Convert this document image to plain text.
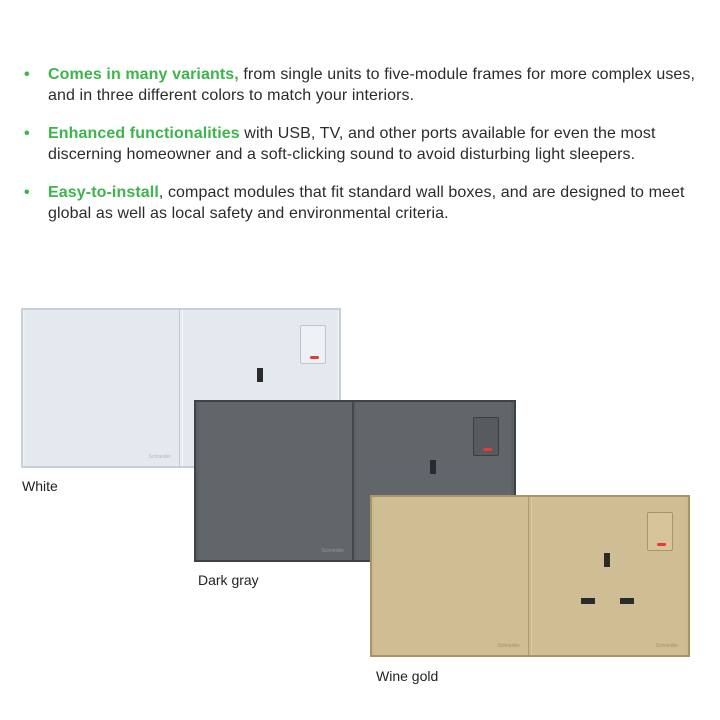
• Comes in many variants, from single units to five-module frames for more complex uses, and in three different colors to match your interiors.
• Enhanced functionalities with USB, TV, and other ports available for even the most discerning homeowner and a soft-clicking sound to avoid disturbing light sleepers.
• Easy-to-install, compact modules that fit standard wall boxes, and are designed to meet global as well as local safety and environmental criteria.
Schneider
Schneider
Schneider	Schneider
White
Dark gray
Wine gold
